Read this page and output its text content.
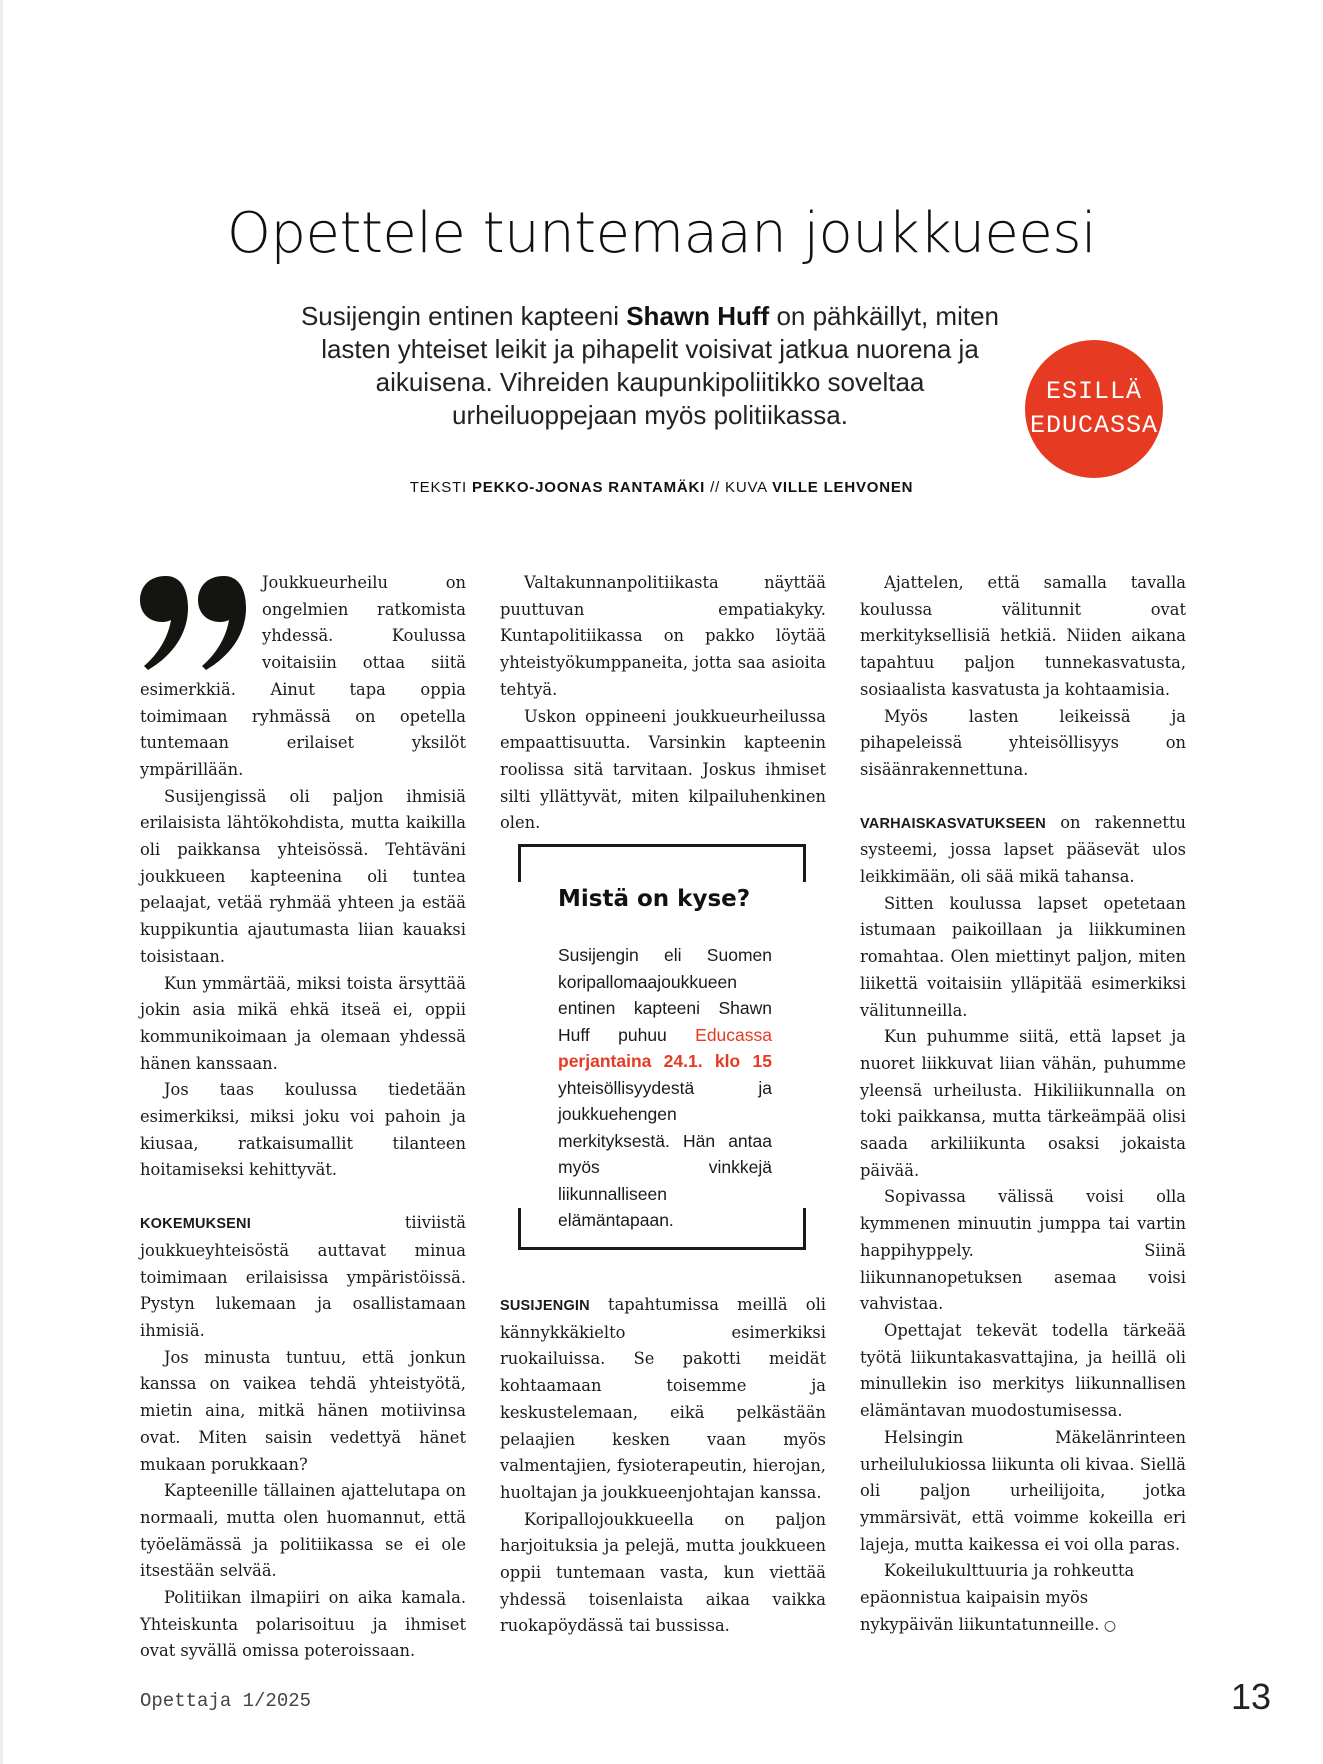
Opettele tuntemaan joukkueesi
Susijengin entinen kapteeni Shawn Huff on pähkäillyt, miten lasten yhteiset leikit ja pihapelit voisivat jatkua nuorena ja aikuisena. Vihreiden kaupunkipoliitikko soveltaa urheiluoppejaan myös politiikassa.
ESILLÄ
EDUCASSA
TEKSTI PEKKO-JOONAS RANTAMÄKI // KUVA VILLE LEHVONEN

Joukkueurheilu on ongelmien ratkomista yhdessä. Koulussa voitaisiin ottaa siitä esimerkkiä. Ainut tapa oppia toimimaan ryhmässä on opetella tuntemaan erilaiset yksilöt ympärillään.

Susijengissä oli paljon ihmisiä erilaisista lähtökohdista, mutta kaikilla oli paikkansa yhteisössä. Tehtäväni joukkueen kapteenina oli tuntea pelaajat, vetää ryhmää yhteen ja estää kuppikuntia ajautumasta liian kauaksi toisistaan.

Kun ymmärtää, miksi toista ärsyttää jokin asia mikä ehkä itseä ei, oppii kommunikoimaan ja olemaan yhdessä hänen kanssaan.

Jos taas koulussa tiedetään esimerkiksi, miksi joku voi pahoin ja kiusaa, ratkaisumallit tilanteen hoitamiseksi kehittyvät.

KOKEMUKSENI tiiviistä joukkueyhteisöstä auttavat minua toimimaan erilaisissa ympäristöissä. Pystyn lukemaan ja osallistamaan ihmisiä.

Jos minusta tuntuu, että jonkun kanssa on vaikea tehdä yhteistyötä, mietin aina, mitkä hänen motiivinsa ovat. Miten saisin vedettyä hänet mukaan porukkaan?

Kapteenille tällainen ajattelutapa on normaali, mutta olen huomannut, että työelämässä ja politiikassa se ei ole itsestään selvää.

Politiikan ilmapiiri on aika kamala. Yhteiskunta polarisoituu ja ihmiset ovat syvällä omissa poteroissaan.

Valtakunnanpolitiikasta näyttää puuttuvan empatiakyky. Kuntapolitiikassa on pakko löytää yhteistyökumppaneita, jotta saa asioita tehtyä.

Uskon oppineeni joukkueurheilussa empaattisuutta. Varsinkin kapteenin roolissa sitä tarvitaan. Joskus ihmiset silti yllättyvät, miten kilpailuhenkinen olen.

Mistä on kyse?
Susijengin eli Suomen koripallomaajoukkueen entinen kapteeni Shawn Huff puhuu Educassa perjantaina 24.1. klo 15 yhteisöllisyydestä ja joukkuehengen merkityksestä. Hän antaa myös vinkkejä liikunnalliseen elämäntapaan.

SUSIJENGIN tapahtumissa meillä oli kännykkäkielto esimerkiksi ruokailuissa. Se pakotti meidät kohtaamaan toisemme ja keskustelemaan, eikä pelkästään pelaajien kesken vaan myös valmentajien, fysioterapeutin, hierojan, huoltajan ja joukkueenjohtajan kanssa.

Koripallojoukkueella on paljon harjoituksia ja pelejä, mutta joukkueen oppii tuntemaan vasta, kun viettää yhdessä toisenlaista aikaa vaikka ruokapöydässä tai bussissa.

Ajattelen, että samalla tavalla koulussa välitunnit ovat merkityksellisiä hetkiä. Niiden aikana tapahtuu paljon tunnekasvatusta, sosiaalista kasvatusta ja kohtaamisia.

Myös lasten leikeissä ja pihapeleissä yhteisöllisyys on sisäänrakennettuna.

VARHAISKASVATUKSEEN on rakennettu systeemi, jossa lapset pääsevät ulos leikkimään, oli sää mikä tahansa.

Sitten koulussa lapset opetetaan istumaan paikoillaan ja liikkuminen romahtaa. Olen miettinyt paljon, miten liikettä voitaisiin ylläpitää esimerkiksi välitunneilla.

Kun puhumme siitä, että lapset ja nuoret liikkuvat liian vähän, puhumme yleensä urheilusta. Hikiliikunnalla on toki paikkansa, mutta tärkeämpää olisi saada arkiliikunta osaksi jokaista päivää.

Sopivassa välissä voisi olla kymmenen minuutin jumppa tai vartin happihyppely. Siinä liikunnanopetuksen asemaa voisi vahvistaa.

Opettajat tekevät todella tärkeää työtä liikuntakasvattajina, ja heillä oli minullekin iso merkitys liikunnallisen elämäntavan muodostumisessa.

Helsingin Mäkelänrinteen urheilulukiossa liikunta oli kivaa. Siellä oli paljon urheilijoita, jotka ymmärsivät, että voimme kokeilla eri lajeja, mutta kaikessa ei voi olla paras.

Kokeilukulttuuria ja rohkeutta epäonnistua kaipaisin myös nykypäivän liikuntatunneille. ○

Opettaja 1/2025	13
